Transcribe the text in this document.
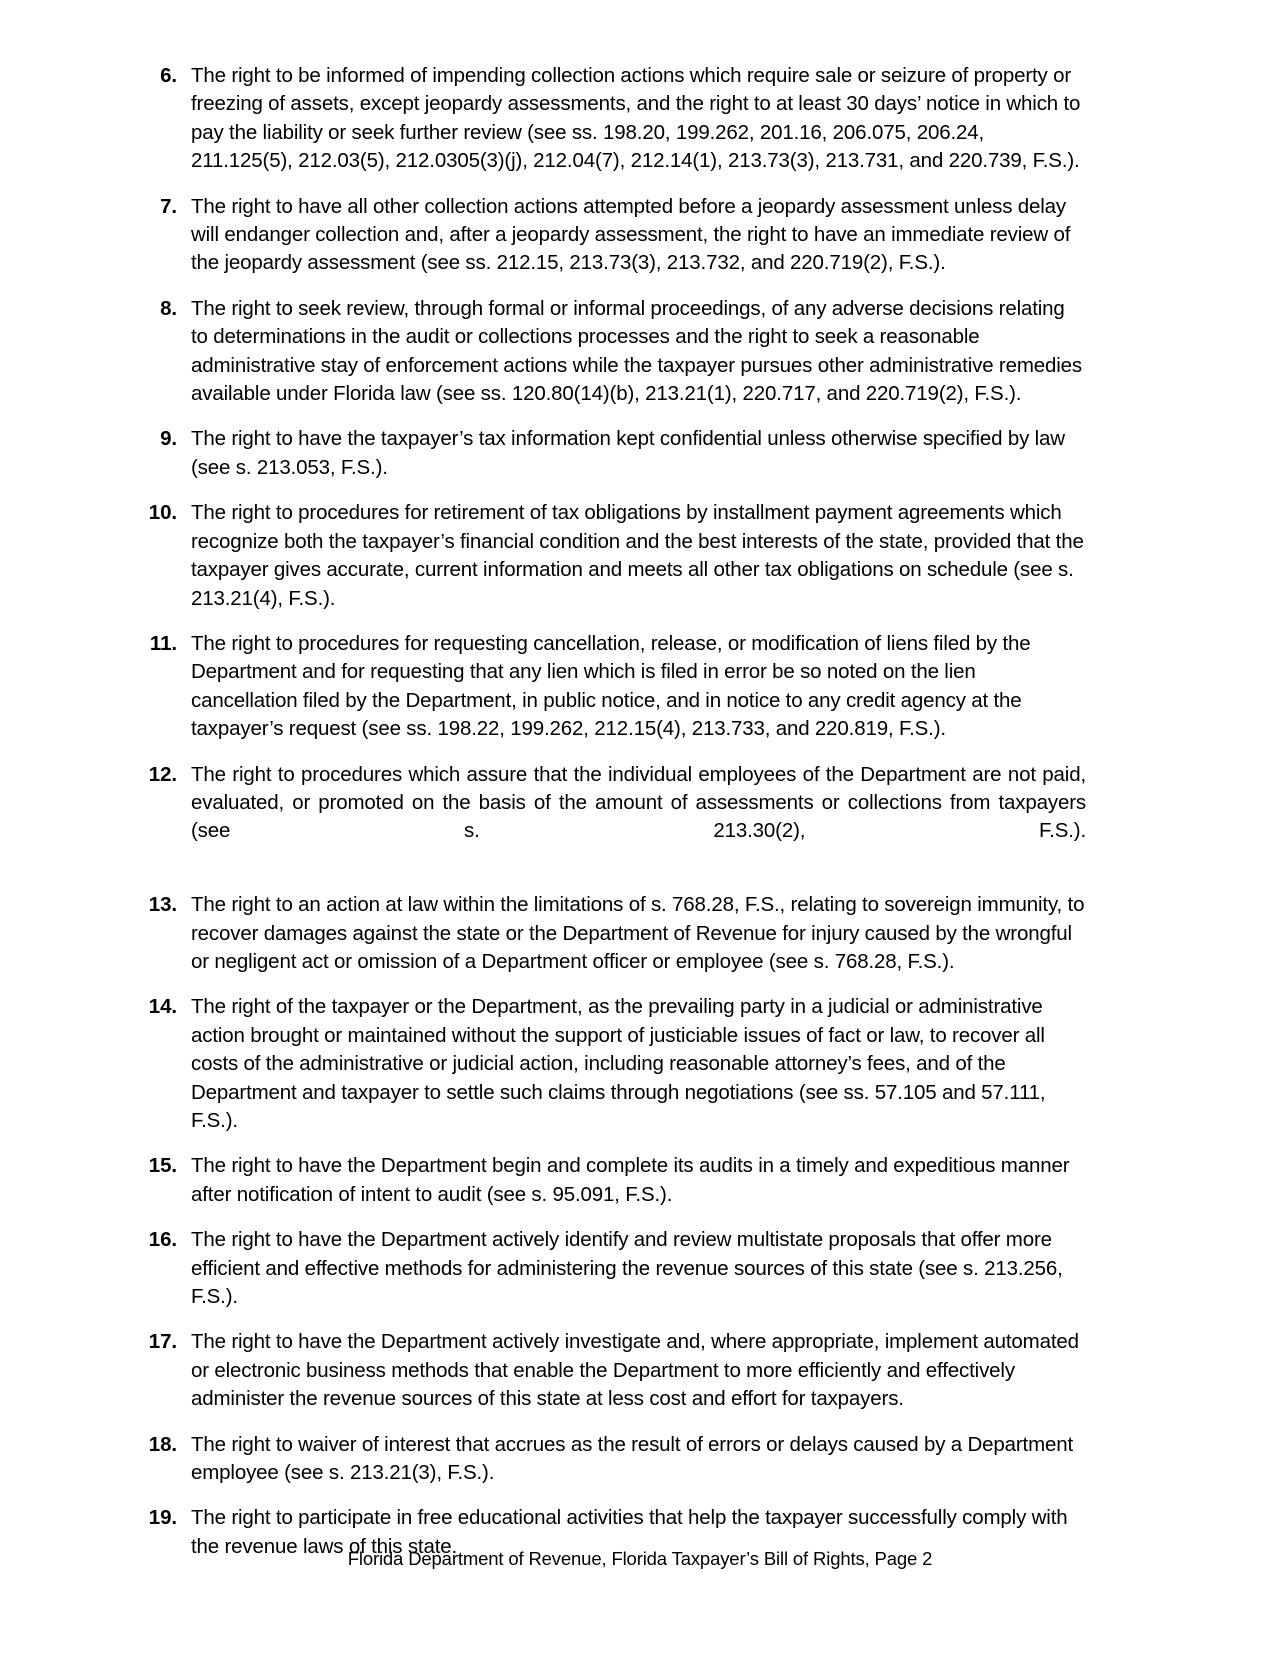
6. The right to be informed of impending collection actions which require sale or seizure of property or freezing of assets, except jeopardy assessments, and the right to at least 30 days’ notice in which to pay the liability or seek further review (see ss. 198.20, 199.262, 201.16, 206.075, 206.24, 211.125(5), 212.03(5), 212.0305(3)(j), 212.04(7), 212.14(1), 213.73(3), 213.731, and 220.739, F.S.).
7. The right to have all other collection actions attempted before a jeopardy assessment unless delay will endanger collection and, after a jeopardy assessment, the right to have an immediate review of the jeopardy assessment (see ss. 212.15, 213.73(3), 213.732, and 220.719(2), F.S.).
8. The right to seek review, through formal or informal proceedings, of any adverse decisions relating to determinations in the audit or collections processes and the right to seek a reasonable administrative stay of enforcement actions while the taxpayer pursues other administrative remedies available under Florida law (see ss. 120.80(14)(b), 213.21(1), 220.717, and 220.719(2), F.S.).
9. The right to have the taxpayer’s tax information kept confidential unless otherwise specified by law (see s. 213.053, F.S.).
10. The right to procedures for retirement of tax obligations by installment payment agreements which recognize both the taxpayer’s financial condition and the best interests of the state, provided that the taxpayer gives accurate, current information and meets all other tax obligations on schedule (see s. 213.21(4), F.S.).
11. The right to procedures for requesting cancellation, release, or modification of liens filed by the Department and for requesting that any lien which is filed in error be so noted on the lien cancellation filed by the Department, in public notice, and in notice to any credit agency at the taxpayer’s request (see ss. 198.22, 199.262, 212.15(4), 213.733, and 220.819, F.S.).
12. The right to procedures which assure that the individual employees of the Department are not paid, evaluated, or promoted on the basis of the amount of assessments or collections from taxpayers (see s. 213.30(2), F.S.).
13. The right to an action at law within the limitations of s. 768.28, F.S., relating to sovereign immunity, to recover damages against the state or the Department of Revenue for injury caused by the wrongful or negligent act or omission of a Department officer or employee (see s. 768.28, F.S.).
14. The right of the taxpayer or the Department, as the prevailing party in a judicial or administrative action brought or maintained without the support of justiciable issues of fact or law, to recover all costs of the administrative or judicial action, including reasonable attorney’s fees, and of the Department and taxpayer to settle such claims through negotiations (see ss. 57.105 and 57.111, F.S.).
15. The right to have the Department begin and complete its audits in a timely and expeditious manner after notification of intent to audit (see s. 95.091, F.S.).
16. The right to have the Department actively identify and review multistate proposals that offer more efficient and effective methods for administering the revenue sources of this state (see s. 213.256, F.S.).
17. The right to have the Department actively investigate and, where appropriate, implement automated or electronic business methods that enable the Department to more efficiently and effectively administer the revenue sources of this state at less cost and effort for taxpayers.
18. The right to waiver of interest that accrues as the result of errors or delays caused by a Department employee (see s. 213.21(3), F.S.).
19. The right to participate in free educational activities that help the taxpayer successfully comply with the revenue laws of this state.
Florida Department of Revenue, Florida Taxpayer’s Bill of Rights, Page 2
